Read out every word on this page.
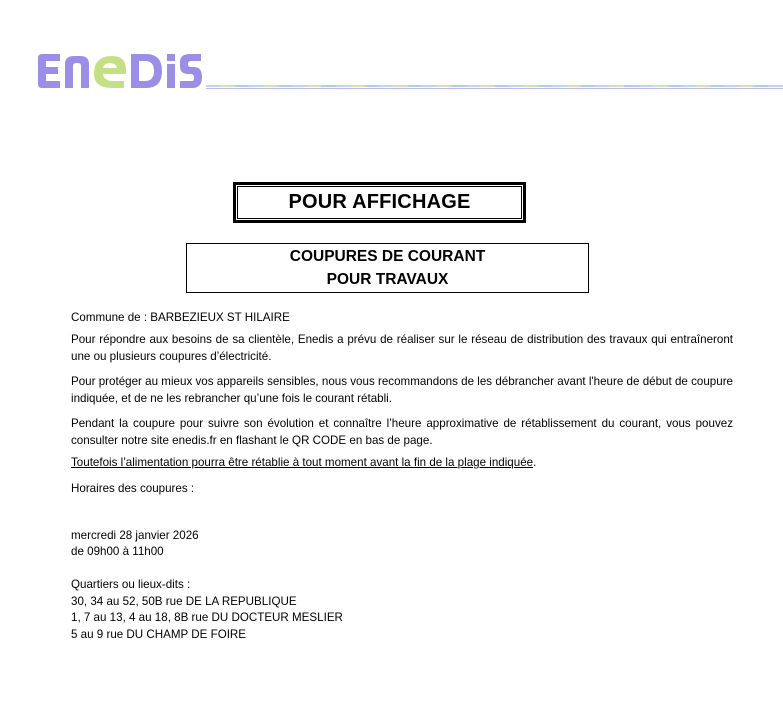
POUR AFFICHAGE
COUPURES DE COURANT
POUR TRAVAUX
Commune de : BARBEZIEUX ST HILAIRE
Pour répondre aux besoins de sa clientèle, Enedis a prévu de réaliser sur le réseau de distribution des travaux qui entraîneront une ou plusieurs coupures d’électricité.
Pour protéger au mieux vos appareils sensibles, nous vous recommandons de les débrancher avant l'heure de début de coupure indiquée, et de ne les rebrancher qu’une fois le courant rétabli.
Pendant la coupure pour suivre son évolution et connaître l’heure approximative de rétablissement du courant, vous pouvez consulter notre site enedis.fr en flashant le QR CODE en bas de page.
Toutefois l’alimentation pourra être rétablie à tout moment avant la fin de la plage indiquée.
Horaires des coupures :
mercredi 28 janvier 2026
de 09h00 à 11h00
Quartiers ou lieux-dits :
30, 34 au 52, 50B rue DE LA REPUBLIQUE
1, 7 au 13, 4 au 18, 8B rue DU DOCTEUR MESLIER
5 au 9 rue DU CHAMP DE FOIRE
